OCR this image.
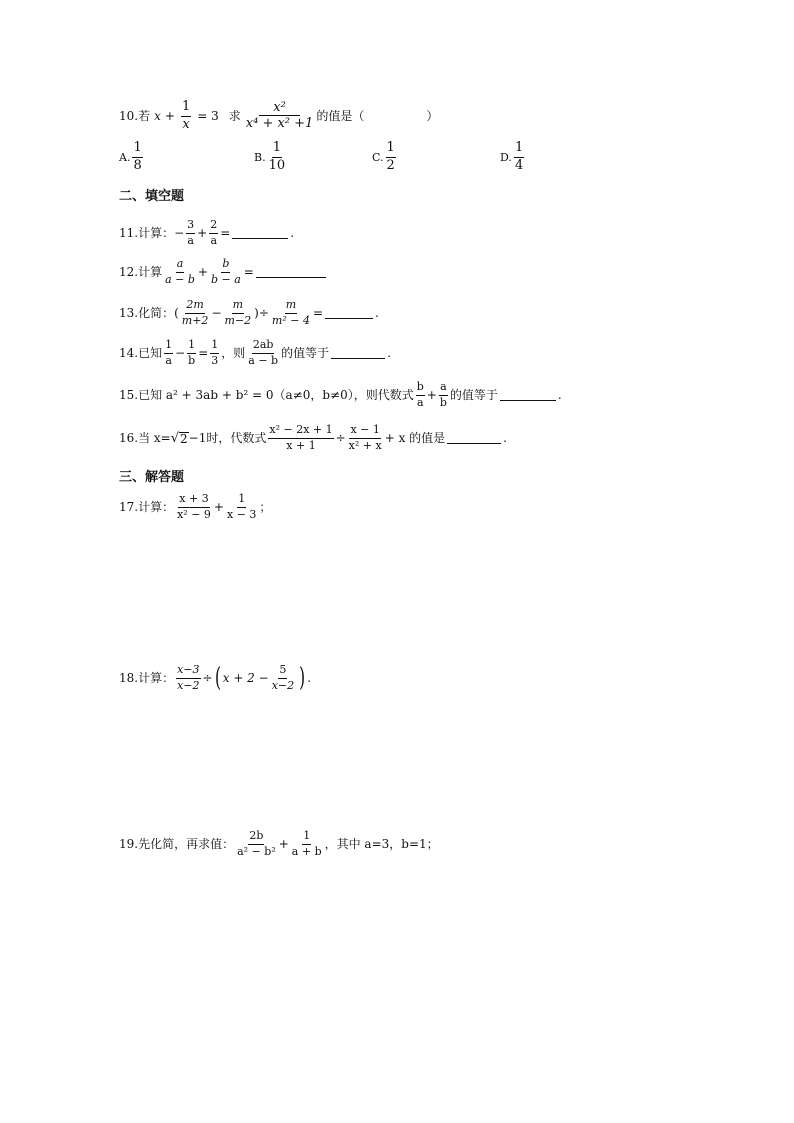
10. 若 $x + \frac{1}{x} = 3$ 求 $\frac{\text{x²}}{\text{x⁴ + x² +1}}$ 的值是（	）
A. $\frac{1}{8}$	B. $\frac{1}{10}$	C. $\frac{1}{2}$	D. $\frac{1}{4}$
二、填空题
11.计算： − $\frac{3}{a} + \frac{2}{a}$ =	.
12.计算 $\frac{a}{a - b} + \frac{b}{b - a}$ =
13.化简： ( $\frac{2m}{m+2} - \frac{m}{m-2}$ ) ÷ $\frac{m}{\text{m² − 4}}$ =	.
14.已知 $\frac{1}{a} - \frac{1}{b} = \frac{1}{3}$ ，则 $\frac{2ab}{a - b}$ 的值等于	.
15.已知 a² + 3ab + b² = 0（a≠0，b≠0），则代数式 $\frac{b}{a} + \frac{a}{b}$ 的值等于	.
16.当 x= √ 2 −1时，代数式 $\frac{\text{x² − 2x + 1}}{x + 1} \div \frac{x - 1}{\text{x² + x}} + x$ 的值是	.
三、解答题
17.计算： $\frac{x + 3}{\text{x² − 9}} + \frac{1}{x - 3}$ ；
18.计算： $\frac{x-3}{x-2}$ ÷ ( $x + 2 - \frac{5}{x-2}$ ) .
19.先化简，再求值： $\frac{2b}{\text{a² − b²}} + \frac{1}{a + b}$ ，其中 a=3，b=1；
